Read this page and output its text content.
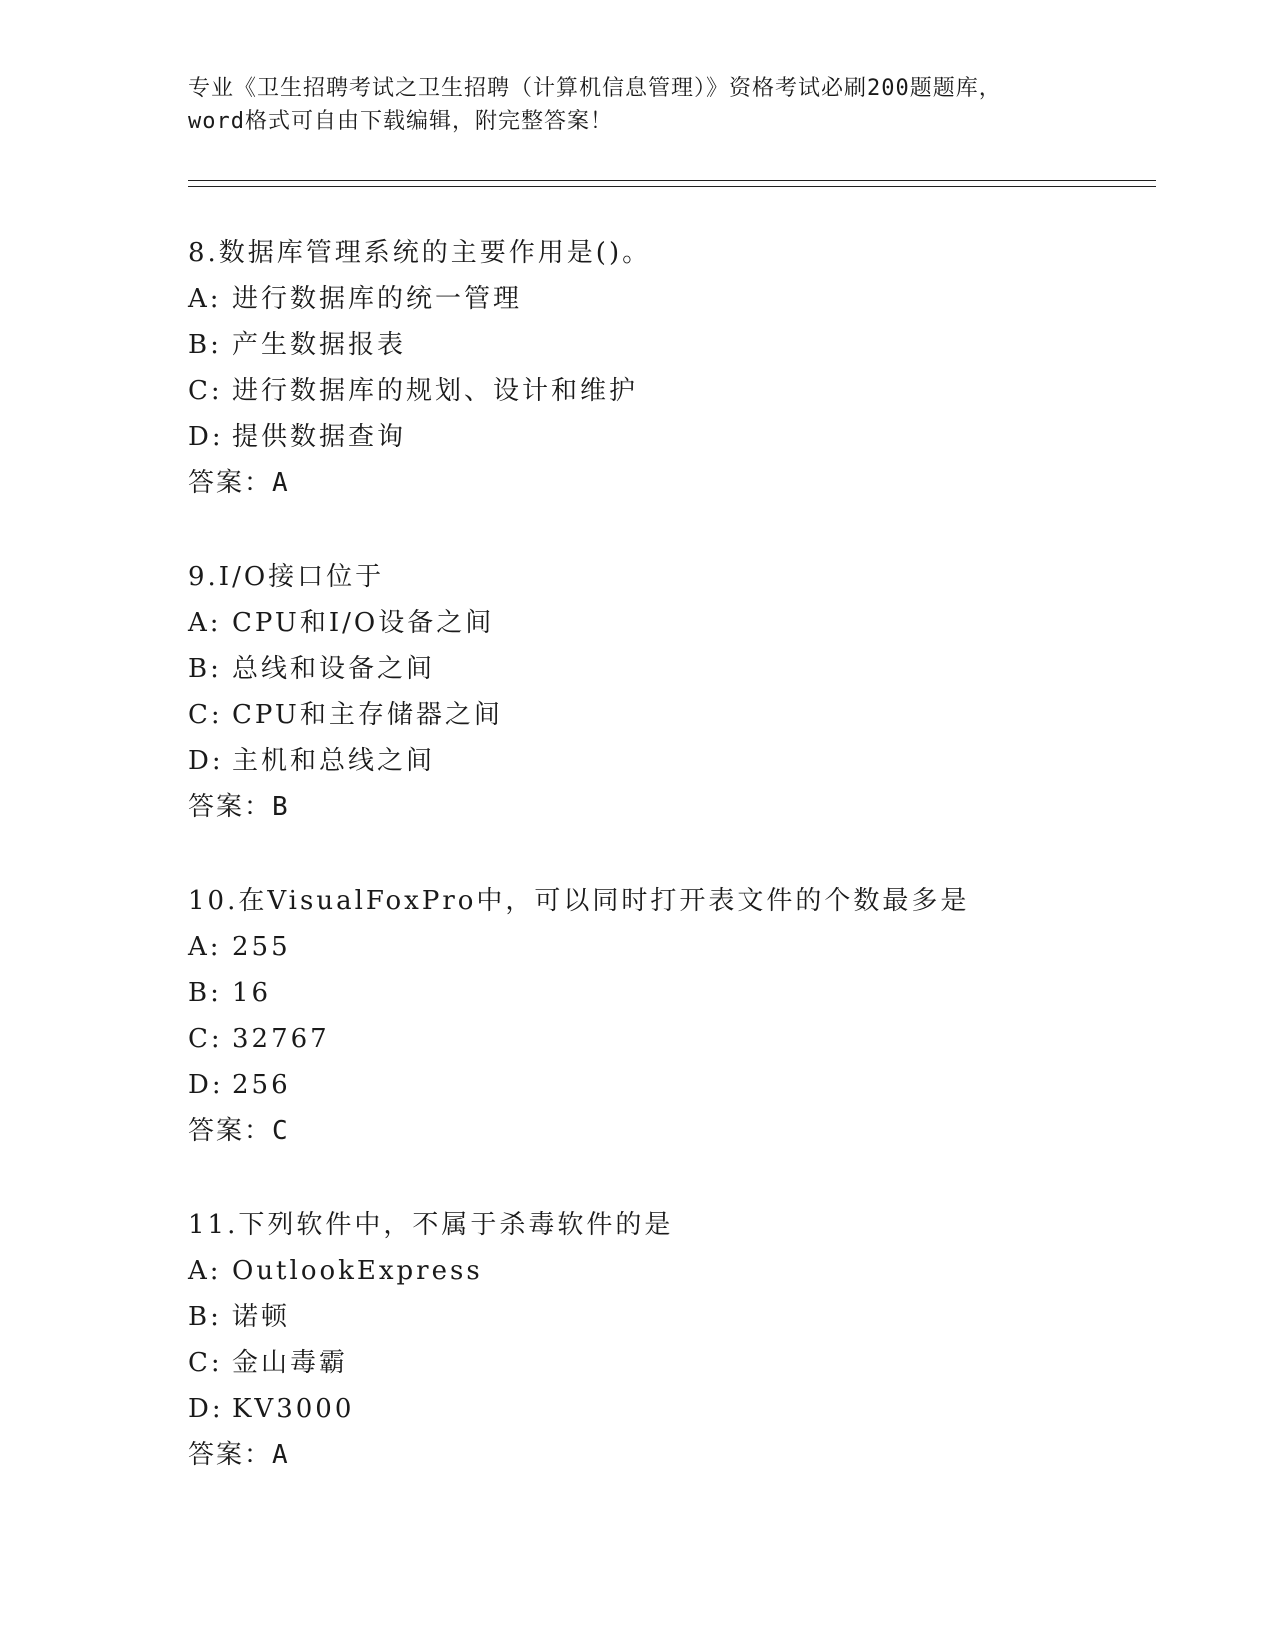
专业《卫生招聘考试之卫生招聘（计算机信息管理）》资格考试必刷200题题库，
word格式可自由下载编辑，附完整答案！
8.数据库管理系统的主要作用是()。
A: 进行数据库的统一管理
B: 产生数据报表
C: 进行数据库的规划、设计和维护
D: 提供数据查询
答案：A
9.I/O接口位于
A: CPU和I/O设备之间
B: 总线和设备之间
C: CPU和主存储器之间
D: 主机和总线之间
答案：B
10.在VisualFoxPro中，可以同时打开表文件的个数最多是
A: 255
B: 16
C: 32767
D: 256
答案：C
11.下列软件中，不属于杀毒软件的是
A: OutlookExpress
B: 诺顿
C: 金山毒霸
D: KV3000
答案：A
